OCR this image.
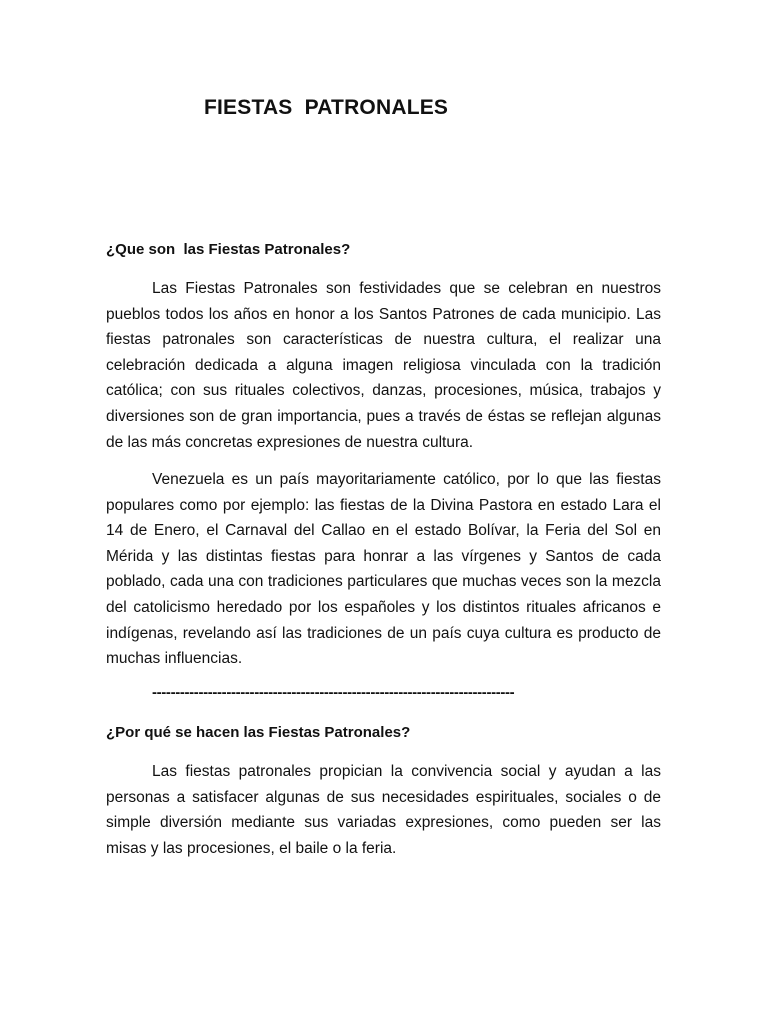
FIESTAS  PATRONALES
¿Que son  las Fiestas Patronales?

Las Fiestas Patronales son festividades que se celebran en nuestros pueblos todos los años en honor a los Santos Patrones de cada municipio. Las fiestas patronales son características de nuestra cultura, el realizar una celebración dedicada a alguna imagen religiosa vinculada con la tradición católica; con sus rituales colectivos, danzas, procesiones, música, trabajos y diversiones son de gran importancia, pues a través de éstas se reflejan algunas de las más concretas expresiones de nuestra cultura.

Venezuela es un país mayoritariamente católico, por lo que las fiestas populares como por ejemplo: las fiestas de la Divina Pastora en estado Lara el 14 de Enero, el Carnaval del Callao en el estado Bolívar, la Feria del Sol en Mérida y las distintas fiestas para honrar a las vírgenes y Santos de cada poblado, cada una con tradiciones particulares que muchas veces son la mezcla del catolicismo heredado por los españoles y los distintos rituales africanos e indígenas, revelando así las tradiciones de un país cuya cultura es producto de muchas influencias.

------------------------------------------------------------------------------
¿Por qué se hacen las Fiestas Patronales?

Las fiestas patronales propician la convivencia social y ayudan a las personas a satisfacer algunas de sus necesidades espirituales, sociales o de simple diversión mediante sus variadas expresiones, como pueden ser las misas y las procesiones, el baile o la feria.
